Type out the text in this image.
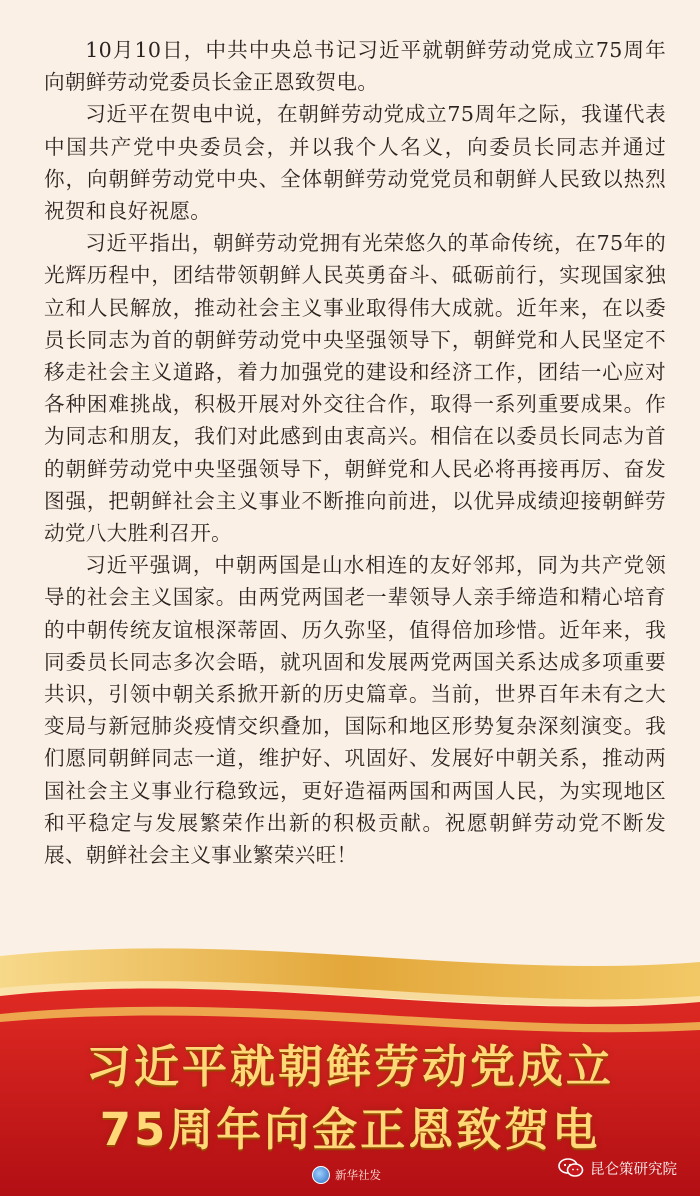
10月10日，中共中央总书记习近平就朝鲜劳动党成立75周年向朝鲜劳动党委员长金正恩致贺电。

习近平在贺电中说，在朝鲜劳动党成立75周年之际，我谨代表中国共产党中央委员会，并以我个人名义，向委员长同志并通过你，向朝鲜劳动党中央、全体朝鲜劳动党党员和朝鲜人民致以热烈祝贺和良好祝愿。

习近平指出，朝鲜劳动党拥有光荣悠久的革命传统，在75年的光辉历程中，团结带领朝鲜人民英勇奋斗、砥砺前行，实现国家独立和人民解放，推动社会主义事业取得伟大成就。近年来，在以委员长同志为首的朝鲜劳动党中央坚强领导下，朝鲜党和人民坚定不移走社会主义道路，着力加强党的建设和经济工作，团结一心应对各种困难挑战，积极开展对外交往合作，取得一系列重要成果。作为同志和朋友，我们对此感到由衷高兴。相信在以委员长同志为首的朝鲜劳动党中央坚强领导下，朝鲜党和人民必将再接再厉、奋发图强，把朝鲜社会主义事业不断推向前进，以优异成绩迎接朝鲜劳动党八大胜利召开。

习近平强调，中朝两国是山水相连的友好邻邦，同为共产党领导的社会主义国家。由两党两国老一辈领导人亲手缔造和精心培育的中朝传统友谊根深蒂固、历久弥坚，值得倍加珍惜。近年来，我同委员长同志多次会晤，就巩固和发展两党两国关系达成多项重要共识，引领中朝关系掀开新的历史篇章。当前，世界百年未有之大变局与新冠肺炎疫情交织叠加，国际和地区形势复杂深刻演变。我们愿同朝鲜同志一道，维护好、巩固好、发展好中朝关系，推动两国社会主义事业行稳致远，更好造福两国和两国人民，为实现地区和平稳定与发展繁荣作出新的积极贡献。祝愿朝鲜劳动党不断发展、朝鲜社会主义事业繁荣兴旺！

习近平就朝鲜劳动党成立
75周年向金正恩致贺电
新华社发	昆仑策研究院
